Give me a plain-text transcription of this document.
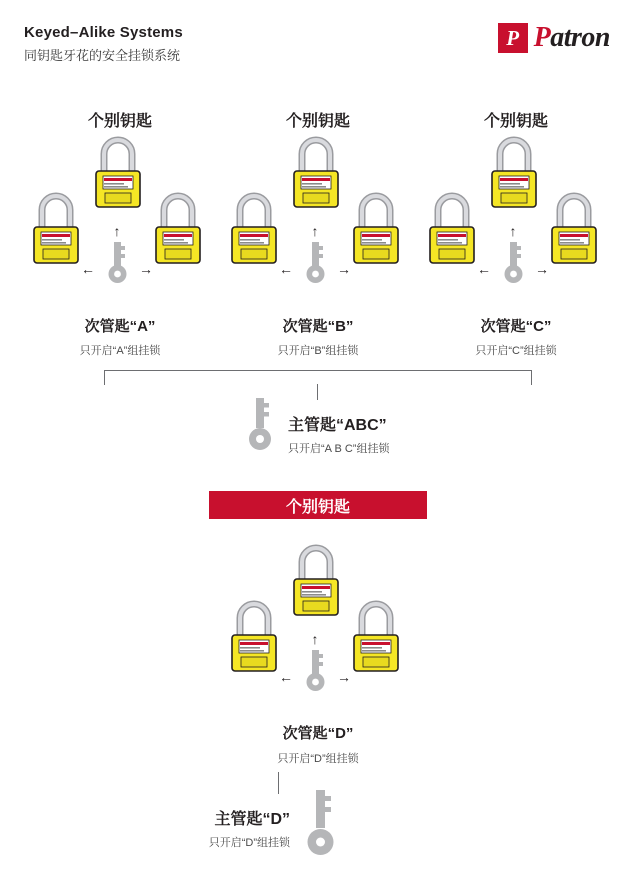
Keyed–Alike Systems
同钥匙牙花的安全挂锁系统
P Patron
个别钥匙	个别钥匙	个别钥匙
↑
←	→
↑
←	→
↑
←	→
次管匙“A”
只开启“A”组挂锁
次管匙“B”
只开启“B”组挂锁
次管匙“C”
只开启“C”组挂锁
主管匙“ABC”
只开启“A B C”组挂锁
个别钥匙
↑
←	→
次管匙“D”
只开启“D”组挂锁
主管匙“D”
只开启“D”组挂锁
